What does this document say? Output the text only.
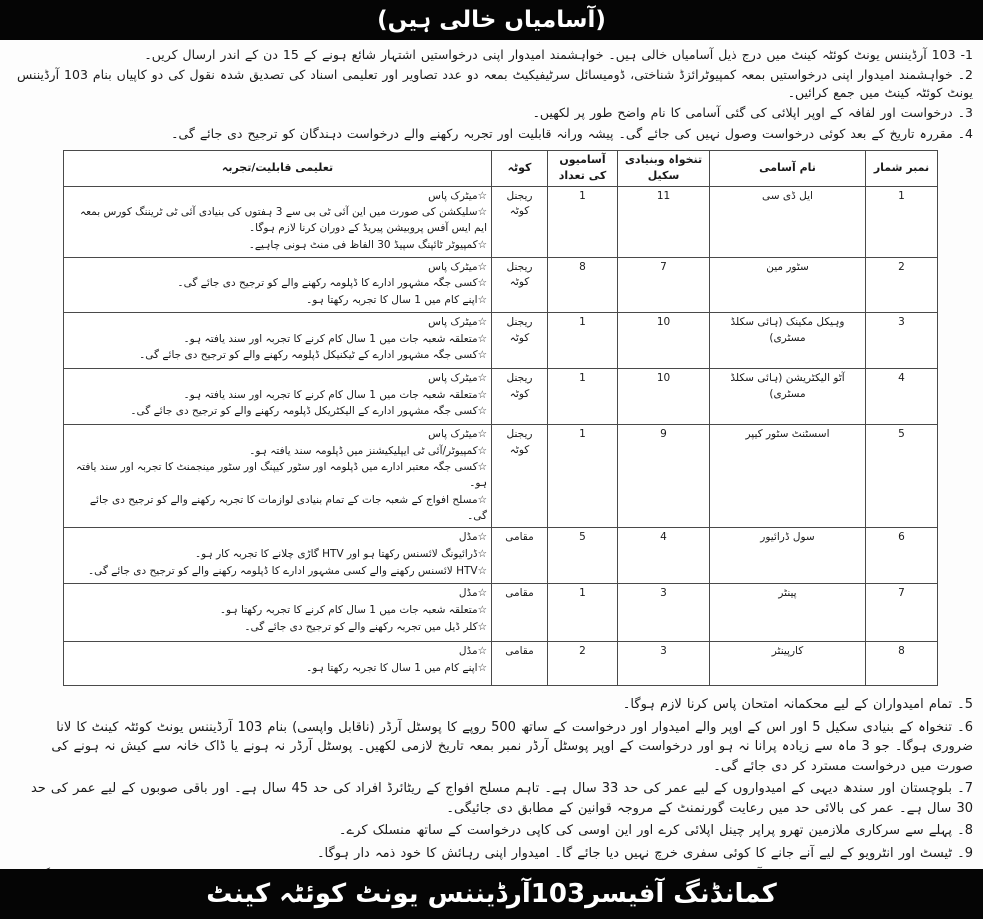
(آسامیاں خالی ہیں)
1- 103 آرڈیننس یونٹ کوئٹہ کینٹ میں درج ذیل آسامیاں خالی ہیں۔ خواہشمند امیدوار اپنی درخواستیں اشتہار شائع ہونے کے 15 دن کے اندر ارسال کریں۔
2۔ خواہشمند امیدوار اپنی درخواستیں بمعہ کمپیوٹرائزڈ شناختی، ڈومیسائل سرٹیفیکیٹ بمعہ دو عدد تصاویر اور تعلیمی اسناد کی تصدیق شدہ نقول کی دو کاپیاں بنام 103 آرڈیننس یونٹ کوئٹہ کینٹ میں جمع کرائیں۔
3۔ درخواست اور لفافہ کے اوپر اپلائی کی گئی آسامی کا نام واضح طور پر لکھیں۔
4۔ مقررہ تاریخ کے بعد کوئی درخواست وصول نہیں کی جائے گی۔ پیشہ ورانہ قابلیت اور تجربہ رکھنے والے درخواست دہندگان کو ترجیح دی جائے گی۔
نمبر شمار	نام آسامی	تنخواہ وبنیادی سکیل	آسامیوں کی تعداد	کوٹہ	تعلیمی قابلیت/تجربہ
1	ایل ڈی سی	11	1	ریجنل کوٹہ	☆میٹرک پاس
☆سلیکشن کی صورت میں این آئی ٹی بی سے 3 ہفتوں کی بنیادی آئی ٹی ٹریننگ کورس بمعہ ایم ایس آفس پروبیشن پیریڈ کے دوران کرنا لازم ہوگا۔
☆کمپیوٹر ٹائپنگ سپیڈ 30 الفاظ فی منٹ ہونی چاہیے۔

2	سٹور مین	7	8	ریجنل کوٹہ	☆میٹرک پاس
☆کسی جگہ مشہور ادارے کا ڈپلومہ رکھنے والے کو ترجیح دی جائے گی۔
☆اپنے کام میں 1 سال کا تجربہ رکھتا ہو۔

3	وہیکل مکینک (ہائی سکلڈ مسٹری)	10	1	ریجنل کوٹہ	☆میٹرک پاس
☆متعلقہ شعبہ جات میں 1 سال کام کرنے کا تجربہ اور سند یافتہ ہو۔
☆کسی جگہ مشہور ادارے کے ٹیکنیکل ڈپلومہ رکھنے والے کو ترجیح دی جائے گی۔

4	آٹو الیکٹریشن (ہائی سکلڈ مسٹری)	10	1	ریجنل کوٹہ	☆میٹرک پاس
☆متعلقہ شعبہ جات میں 1 سال کام کرنے کا تجربہ اور سند یافتہ ہو۔
☆کسی جگہ مشہور ادارے کے الیکٹریکل ڈپلومہ رکھنے والے کو ترجیح دی جائے گی۔

5	اسسٹنٹ سٹور کیپر	9	1	ریجنل کوٹہ	☆میٹرک پاس
☆کمپیوٹر/آئی ٹی ایپلیکیشنز میں ڈپلومہ سند یافتہ ہو۔
☆کسی جگہ معتبر ادارے میں ڈپلومہ اور سٹور کیپنگ اور سٹور مینجمنٹ کا تجربہ اور سند یافتہ ہو۔
☆مسلح افواج کے شعبہ جات کے تمام بنیادی لوازمات کا تجربہ رکھنے والے کو ترجیح دی جائے گی۔

6	سول ڈرائیور	4	5	مقامی	☆مڈل
☆ڈرائیونگ لائسنس رکھتا ہو اور HTV گاڑی چلانے کا تجربہ کار ہو۔
☆HTV لائسنس رکھنے والے کسی مشہور ادارے کا ڈپلومہ رکھنے والے کو ترجیح دی جائے گی۔

7	پینٹر	3	1	مقامی	☆مڈل
☆متعلقہ شعبہ جات میں 1 سال کام کرنے کا تجربہ رکھتا ہو۔
☆کلر ڈیل میں تجربہ رکھنے والے کو ترجیح دی جائے گی۔

8	کارپینٹر	3	2	مقامی	☆مڈل
☆اپنے کام میں 1 سال کا تجربہ رکھتا ہو۔
5۔ تمام امیدواران کے لیے محکمانہ امتحان پاس کرنا لازم ہوگا۔
6۔ تنخواہ کے بنیادی سکیل 5 اور اس کے اوپر والے امیدوار اور درخواست کے ساتھ 500 روپے کا پوسٹل آرڈر (ناقابل واپسی) بنام 103 آرڈیننس یونٹ کوئٹہ کینٹ کا لانا ضروری ہوگا۔ جو 3 ماہ سے زیادہ پرانا نہ ہو اور درخواست کے اوپر پوسٹل آرڈر نمبر بمعہ تاریخ لازمی لکھیں۔ پوسٹل آرڈر نہ ہونے یا ڈاک خانہ سے کیش نہ ہونے کی صورت میں درخواست مسترد کر دی جائے گی۔
7۔ بلوچستان اور سندھ دیہی کے امیدواروں کے لیے عمر کی حد 33 سال ہے۔ تاہم مسلح افواج کے ریٹائرڈ افراد کی حد 45 سال ہے۔ اور باقی صوبوں کے لیے عمر کی حد 30 سال ہے۔ عمر کی بالائی حد میں رعایت گورنمنٹ کے مروجہ قوانین کے مطابق دی جائیگی۔
8۔ پہلے سے سرکاری ملازمین تھرو پراپر چینل اپلائی کرے اور این اوسی کی کاپی درخواست کے ساتھ منسلک کرے۔
9۔ ٹیسٹ اور انٹرویو کے لیے آنے جانے کا کوئی سفری خرچ نہیں دیا جائے گا۔ امیدوار اپنی رہائش کا خود ذمہ دار ہوگا۔
کمانڈنگ آفیسر103آرڈیننس یونٹ کوئٹہ کینٹ
